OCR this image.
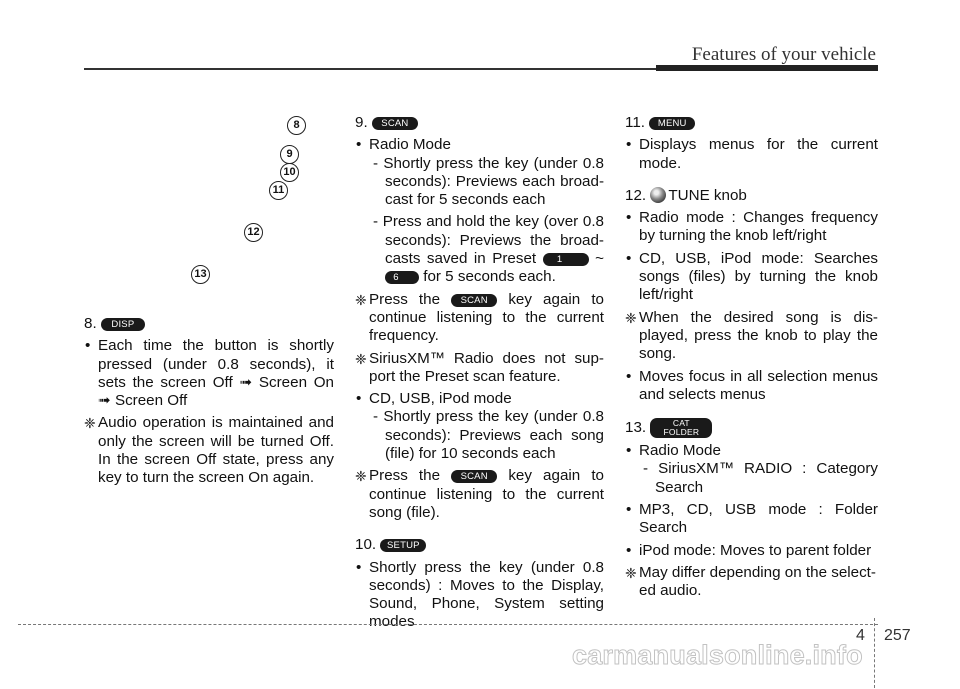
Features of your vehicle
8
9
10
11
12
13

8. DISP

• Each time the button is shortly pressed (under 0.8 seconds), it sets the screen Off ➟ Screen On ➟ Screen Off

❈ Audio operation is maintained and only the screen will be turned Off. In the screen Off state, press any key to turn the screen On again.

9. SCAN

• Radio Mode

- Shortly press the key (under 0.8 seconds): Previews each broad-cast for 5 seconds each

- Press and hold the key (over 0.8 seconds): Previews the broad-casts saved in Preset 1 ~ 6 for 5 seconds each.

❈ Press the SCAN key again to continue listening to the current frequency.

❈ SiriusXM™ Radio does not sup-port the Preset scan feature.

• CD, USB, iPod mode

- Shortly press the key (under 0.8 seconds): Previews each song (file) for 10 seconds each

❈ Press the SCAN key again to continue listening to the current song (file).

10. SETUP

• Shortly press the key (under 0.8 seconds) : Moves to the Display, Sound, Phone, System setting modes

11. MENU

• Displays menus for the current mode.

12. TUNE knob

• Radio mode : Changes frequency by turning the knob left/right

• CD, USB, iPod mode: Searches songs (files) by turning the knob left/right

❈ When the desired song is dis-played, press the knob to play the song.

• Moves focus in all selection menus and selects menus

13.	CAT
FOLDER

• Radio Mode

- SiriusXM™ RADIO : Category Search

• MP3, CD, USB mode : Folder Search

• iPod mode: Moves to parent folder

❈ May differ depending on the select-ed audio.

4 257
carmanualsonline.info
